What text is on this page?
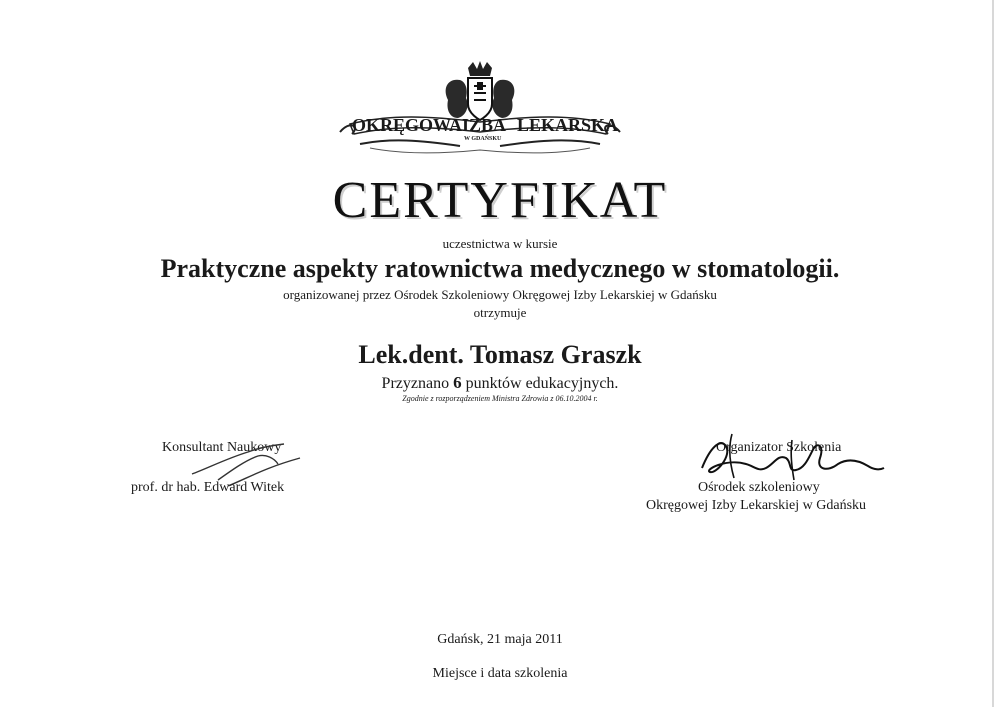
OKRĘGOWA IZBA LEKARSKA
W GDAŃSKU
CERTYFIKAT
uczestnictwa w kursie
Praktyczne aspekty ratownictwa medycznego w stomatologii.
organizowanej przez Ośrodek Szkoleniowy Okręgowej Izby Lekarskiej w Gdańsku
otrzymuje
Lek.dent. Tomasz Graszk
Przyznano 6 punktów edukacyjnych.
Zgodnie z rozporządzeniem Ministra Zdrowia z 06.10.2004 r.
Konsultant Naukowy
prof. dr hab. Edward Witek
Organizator Szkolenia
Ośrodek szkoleniowy
Okręgowej Izby Lekarskiej w Gdańsku
Gdańsk, 21 maja 2011
Miejsce i data szkolenia
